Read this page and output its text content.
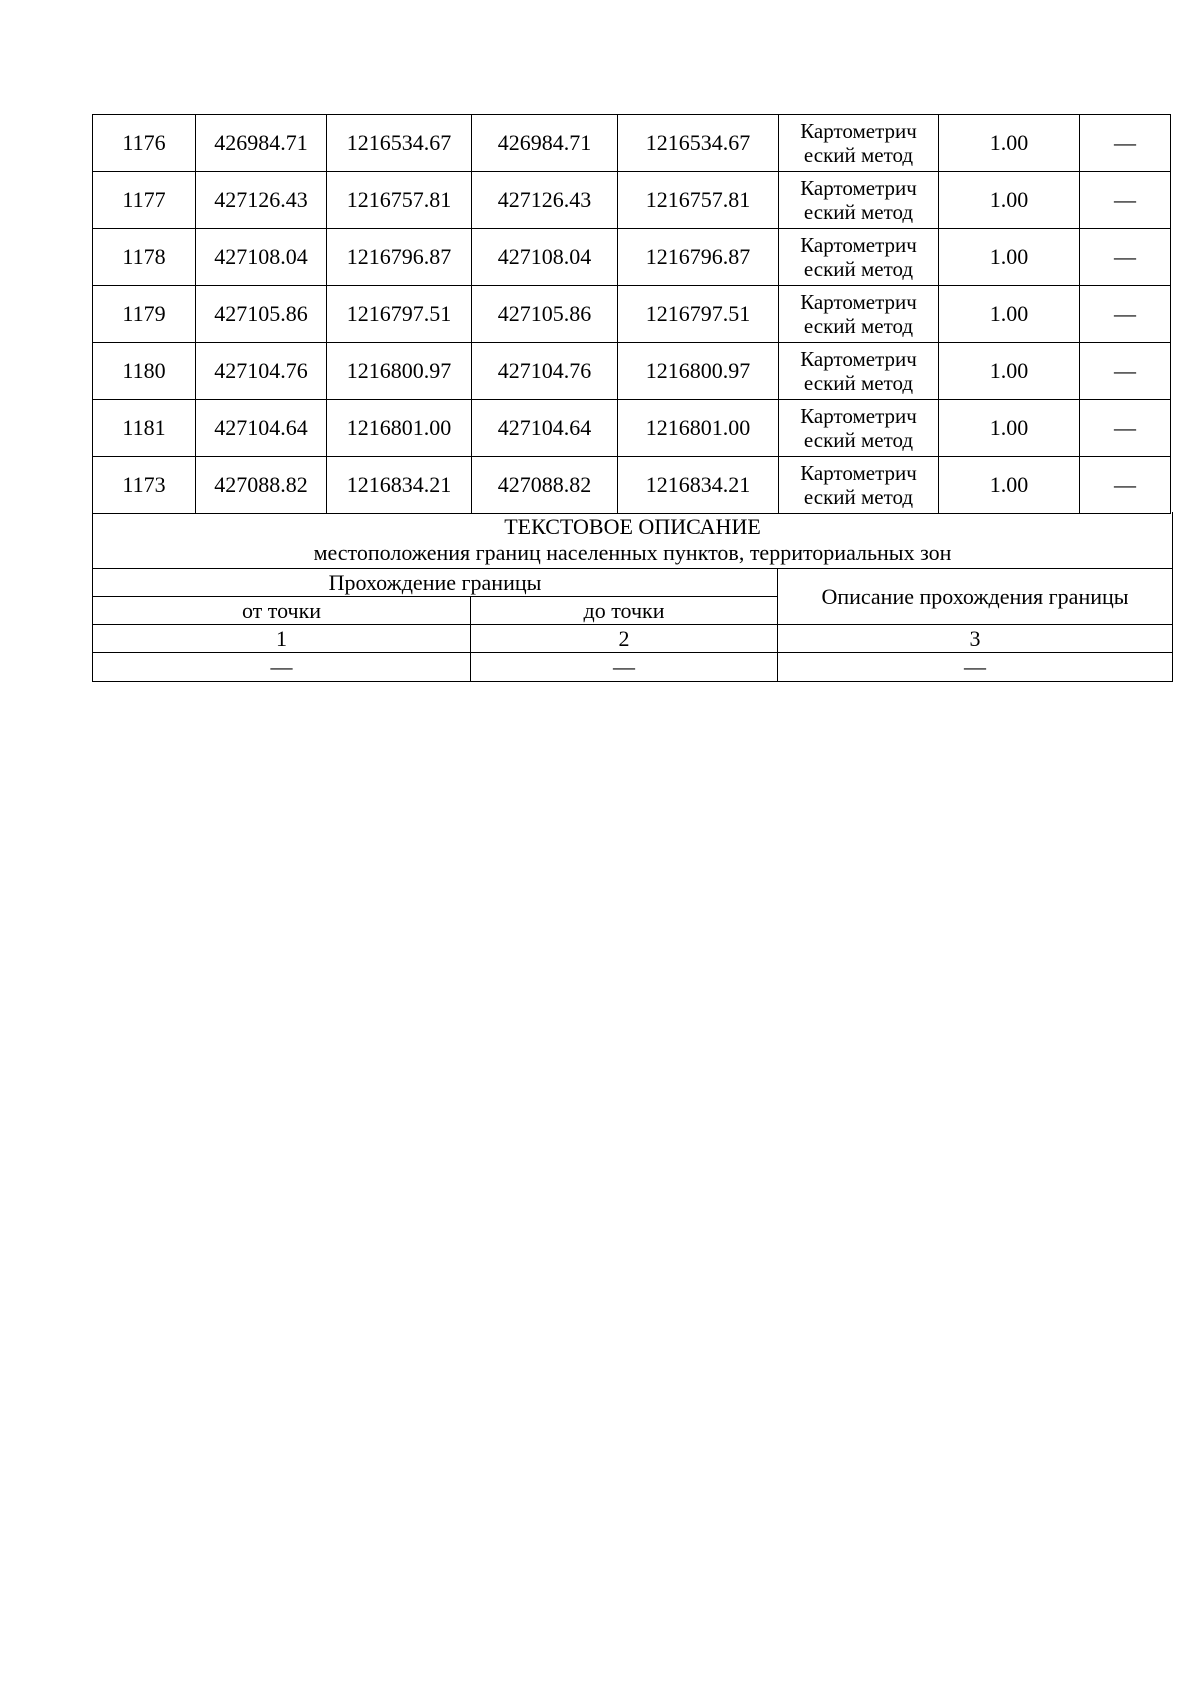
1176	426984.71	1216534.67	426984.71	1216534.67	Картометрич
еский метод	1.00	—
1177	427126.43	1216757.81	427126.43	1216757.81	Картометрич
еский метод	1.00	—
1178	427108.04	1216796.87	427108.04	1216796.87	Картометрич
еский метод	1.00	—
1179	427105.86	1216797.51	427105.86	1216797.51	Картометрич
еский метод	1.00	—
1180	427104.76	1216800.97	427104.76	1216800.97	Картометрич
еский метод	1.00	—
1181	427104.64	1216801.00	427104.64	1216801.00	Картометрич
еский метод	1.00	—
1173	427088.82	1216834.21	427088.82	1216834.21	Картометрич
еский метод	1.00	—
ТЕКСТОВОЕ ОПИСАНИЕ
местоположения границ населенных пунктов, территориальных зон		

Прохождение границы		Описание прохождения границы
от точки	до точки	
1	2	3
—	—	—
